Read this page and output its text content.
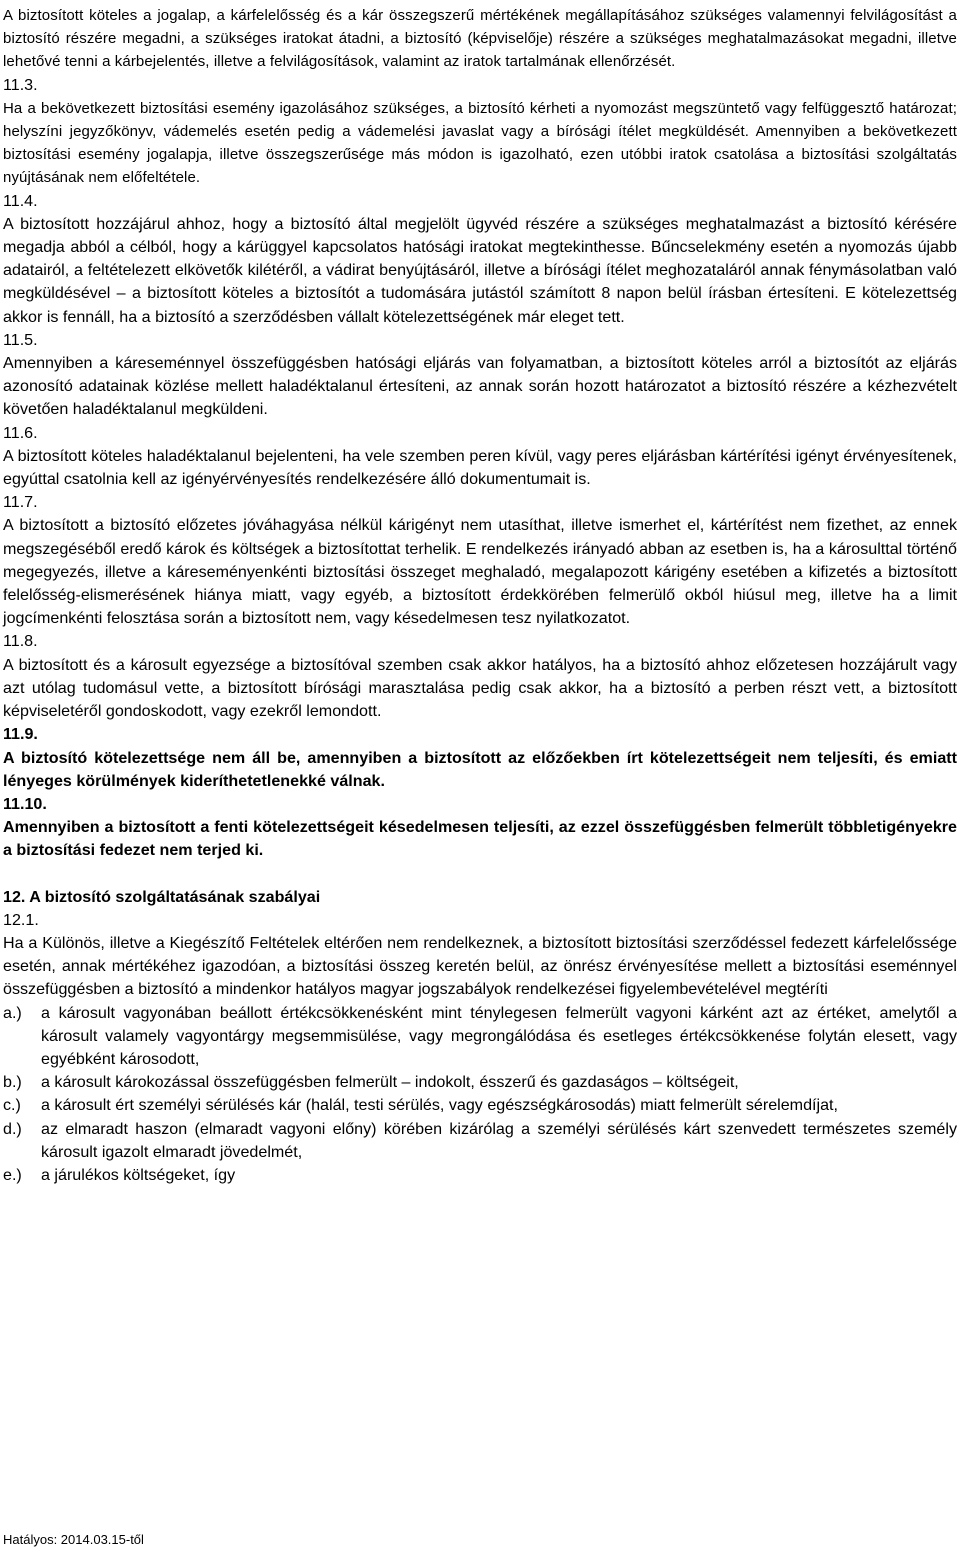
A biztosított köteles a jogalap, a kárfelelősség és a kár összegszerű mértékének megállapításához szükséges valamennyi felvilágosítást a biztosító részére megadni, a szükséges iratokat átadni, a biztosító (képviselője) részére a szükséges meghatalmazásokat megadni, illetve lehetővé tenni a kárbejelentés, illetve a felvilágosítások, valamint az iratok tartalmának ellenőrzését.

11.3.

Ha a bekövetkezett biztosítási esemény igazolásához szükséges, a biztosító kérheti a nyomozást megszüntető vagy felfüggesztő határozat; helyszíni jegyzőkönyv, vádemelés esetén pedig a vádemelési javaslat vagy a bírósági ítélet megküldését. Amennyiben a bekövetkezett biztosítási esemény jogalapja, illetve összegszerűsége más módon is igazolható, ezen utóbbi iratok csatolása a biztosítási szolgáltatás nyújtásának nem előfeltétele.

11.4.

A biztosított hozzájárul ahhoz, hogy a biztosító által megjelölt ügyvéd részére a szükséges meghatalmazást a biztosító kérésére megadja abból a célból, hogy a kárüggyel kapcsolatos hatósági iratokat megtekinthesse. Bűncselekmény esetén a nyomozás újabb adatairól, a feltételezett elkövetők kilétéről, a vádirat benyújtásáról, illetve a bírósági ítélet meghozataláról annak fénymásolatban való megküldésével – a biztosított köteles a biztosítót a tudomására jutástól számított 8 napon belül írásban értesíteni. E kötelezettség akkor is fennáll, ha a biztosító a szerződésben vállalt kötelezettségének már eleget tett.

11.5.

Amennyiben a káreseménnyel összefüggésben hatósági eljárás van folyamatban, a biztosított köteles arról a biztosítót az eljárás azonosító adatainak közlése mellett haladéktalanul értesíteni, az annak során hozott határozatot a biztosító részére a kézhezvételt követően haladéktalanul megküldeni.

11.6.

A biztosított köteles haladéktalanul bejelenteni, ha vele szemben peren kívül, vagy peres eljárásban kártérítési igényt érvényesítenek, egyúttal csatolnia kell az igényérvényesítés rendelkezésére álló dokumentumait is.

11.7.

A biztosított a biztosító előzetes jóváhagyása nélkül kárigényt nem utasíthat, illetve ismerhet el, kártérítést nem fizethet, az ennek megszegéséből eredő károk és költségek a biztosítottat terhelik. E rendelkezés irányadó abban az esetben is, ha a károsulttal történő megegyezés, illetve a káreseményenkénti biztosítási összeget meghaladó, megalapozott kárigény esetében a kifizetés a biztosított felelősség-elismerésének hiánya miatt, vagy egyéb, a biztosított érdekkörében felmerülő okból hiúsul meg, illetve ha a limit jogcímenkénti felosztása során a biztosított nem, vagy késedelmesen tesz nyilatkozatot.

11.8.

A biztosított és a károsult egyezsége a biztosítóval szemben csak akkor hatályos, ha a biztosító ahhoz előzetesen hozzájárult vagy azt utólag tudomásul vette, a biztosított bírósági marasztalása pedig csak akkor, ha a biztosító a perben részt vett, a biztosított képviseletéről gondoskodott, vagy ezekről lemondott.

11.9.

A biztosító kötelezettsége nem áll be, amennyiben a biztosított az előzőekben írt kötelezettségeit nem teljesíti, és emiatt lényeges körülmények kideríthetetlenekké válnak.

11.10.

Amennyiben a biztosított a fenti kötelezettségeit késedelmesen teljesíti, az ezzel összefüggésben felmerült többletigényekre a biztosítási fedezet nem terjed ki.

12. A biztosító szolgáltatásának szabályai

12.1.

Ha a Különös, illetve a Kiegészítő Feltételek eltérően nem rendelkeznek, a biztosított biztosítási szerződéssel fedezett kárfelelőssége esetén, annak mértékéhez igazodóan, a biztosítási összeg keretén belül, az önrész érvényesítése mellett a biztosítási eseménnyel összefüggésben a biztosító a mindenkor hatályos magyar jogszabályok rendelkezései figyelembevételével megtéríti

a.) a károsult vagyonában beállott értékcsökkenésként mint ténylegesen felmerült vagyoni kárként azt az értéket, amelytől a károsult valamely vagyontárgy megsemmisülése, vagy megrongálódása és esetleges értékcsökkenése folytán elesett, vagy egyébként károsodott,
b.) a károsult károkozással összefüggésben felmerült – indokolt, ésszerű és gazdaságos – költségeit,
c.) a károsult ért személyi sérülésés kár (halál, testi sérülés, vagy egészségkárosodás) miatt felmerült sérelemdíjat,
d.) az elmaradt haszon (elmaradt vagyoni előny) körében kizárólag a személyi sérülésés kárt szenvedett természetes személy károsult igazolt elmaradt jövedelmét,
e.) a járulékos költségeket, így
Hatályos: 2014.03.15-től
